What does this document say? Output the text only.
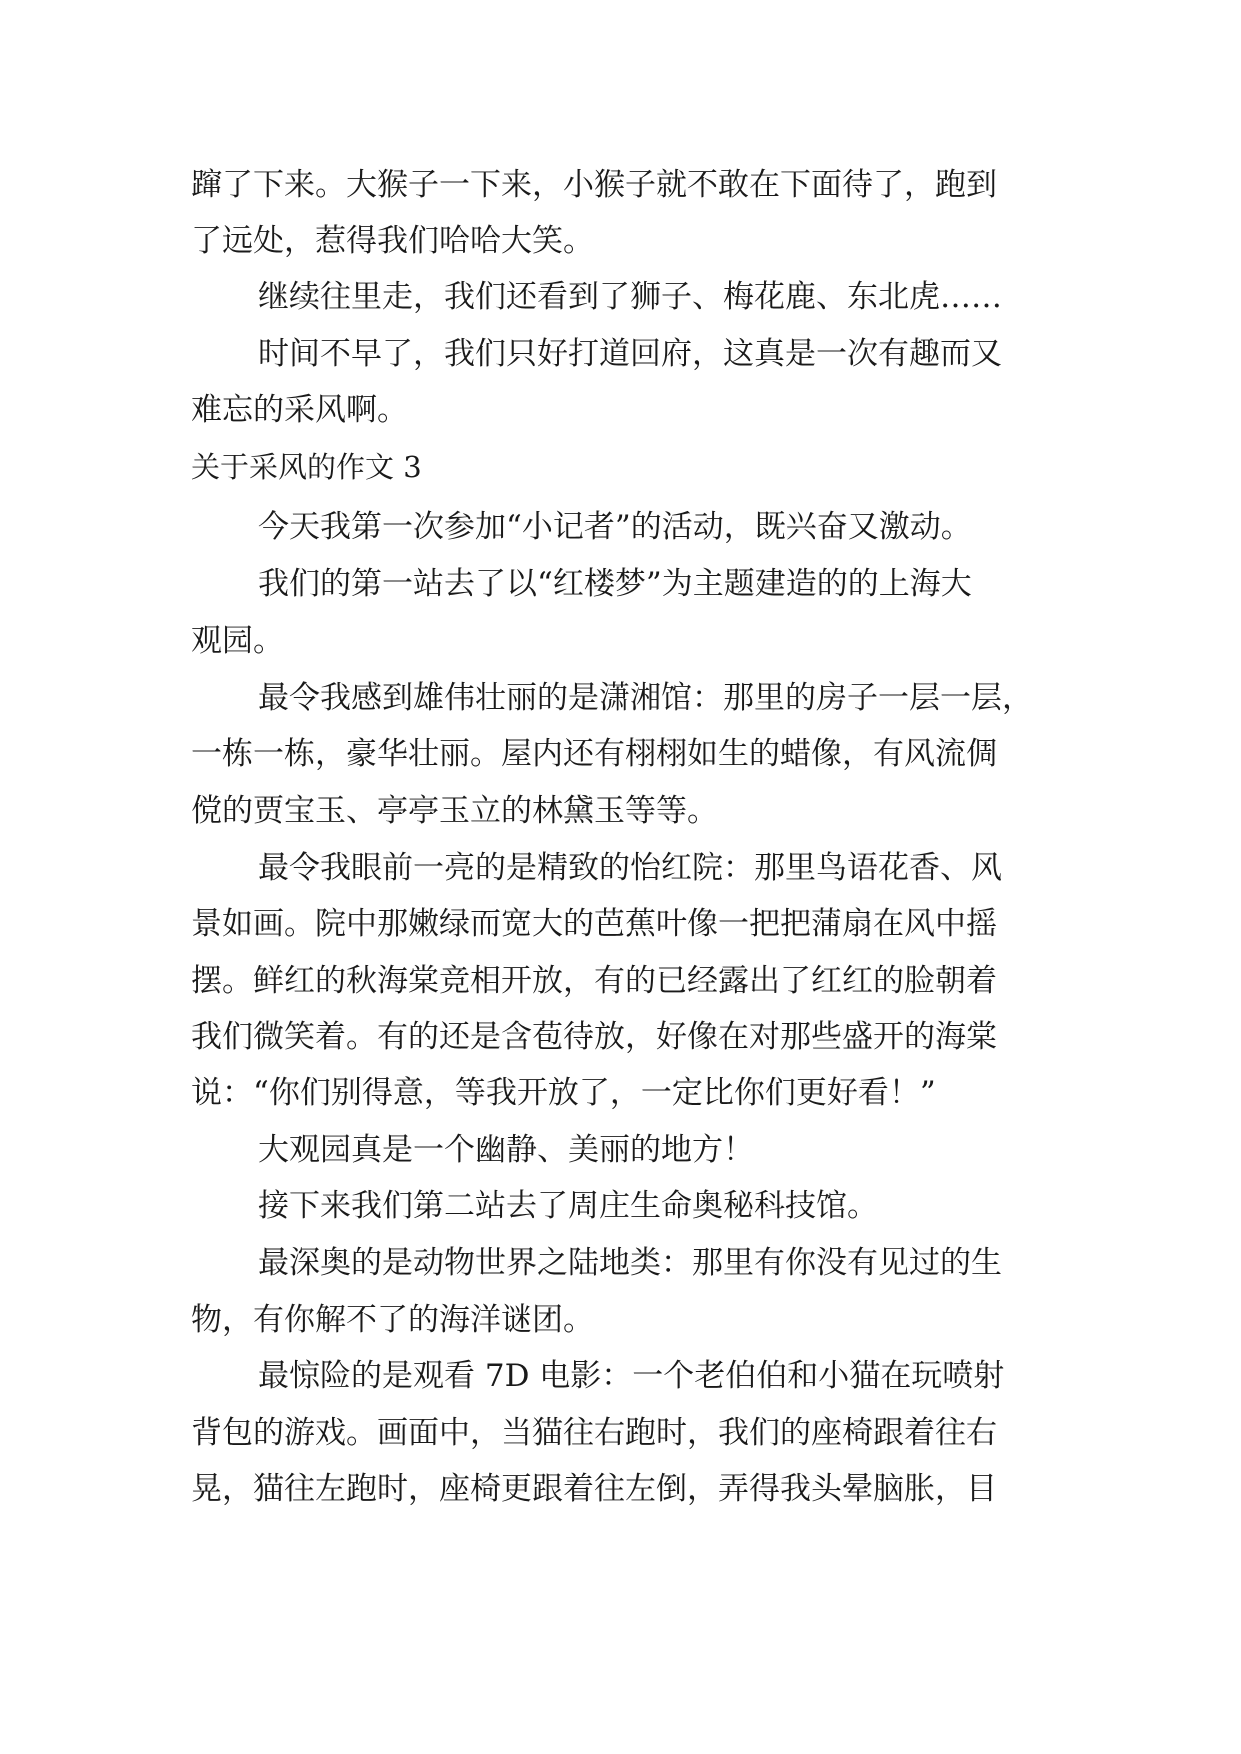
蹿了下来。大猴子一下来，小猴子就不敢在下面待了，跑到
了远处，惹得我们哈哈大笑。
继续往里走，我们还看到了狮子、梅花鹿、东北虎……
时间不早了，我们只好打道回府，这真是一次有趣而又
难忘的采风啊。
关于采风的作文 3
今天我第一次参加“小记者”的活动，既兴奋又激动。
我们的第一站去了以“红楼梦”为主题建造的的上海大
观园。
最令我感到雄伟壮丽的是潇湘馆：那里的房子一层一层，
一栋一栋，豪华壮丽。屋内还有栩栩如生的蜡像，有风流倜
傥的贾宝玉、亭亭玉立的林黛玉等等。
最令我眼前一亮的是精致的怡红院：那里鸟语花香、风
景如画。院中那嫩绿而宽大的芭蕉叶像一把把蒲扇在风中摇
摆。鲜红的秋海棠竞相开放，有的已经露出了红红的脸朝着
我们微笑着。有的还是含苞待放，好像在对那些盛开的海棠
说：“你们别得意，等我开放了，一定比你们更好看！”
大观园真是一个幽静、美丽的地方！
接下来我们第二站去了周庄生命奥秘科技馆。
最深奥的是动物世界之陆地类：那里有你没有见过的生
物，有你解不了的海洋谜团。
最惊险的是观看 7D 电影：一个老伯伯和小猫在玩喷射
背包的游戏。画面中，当猫往右跑时，我们的座椅跟着往右
晃，猫往左跑时，座椅更跟着往左倒，弄得我头晕脑胀，目
